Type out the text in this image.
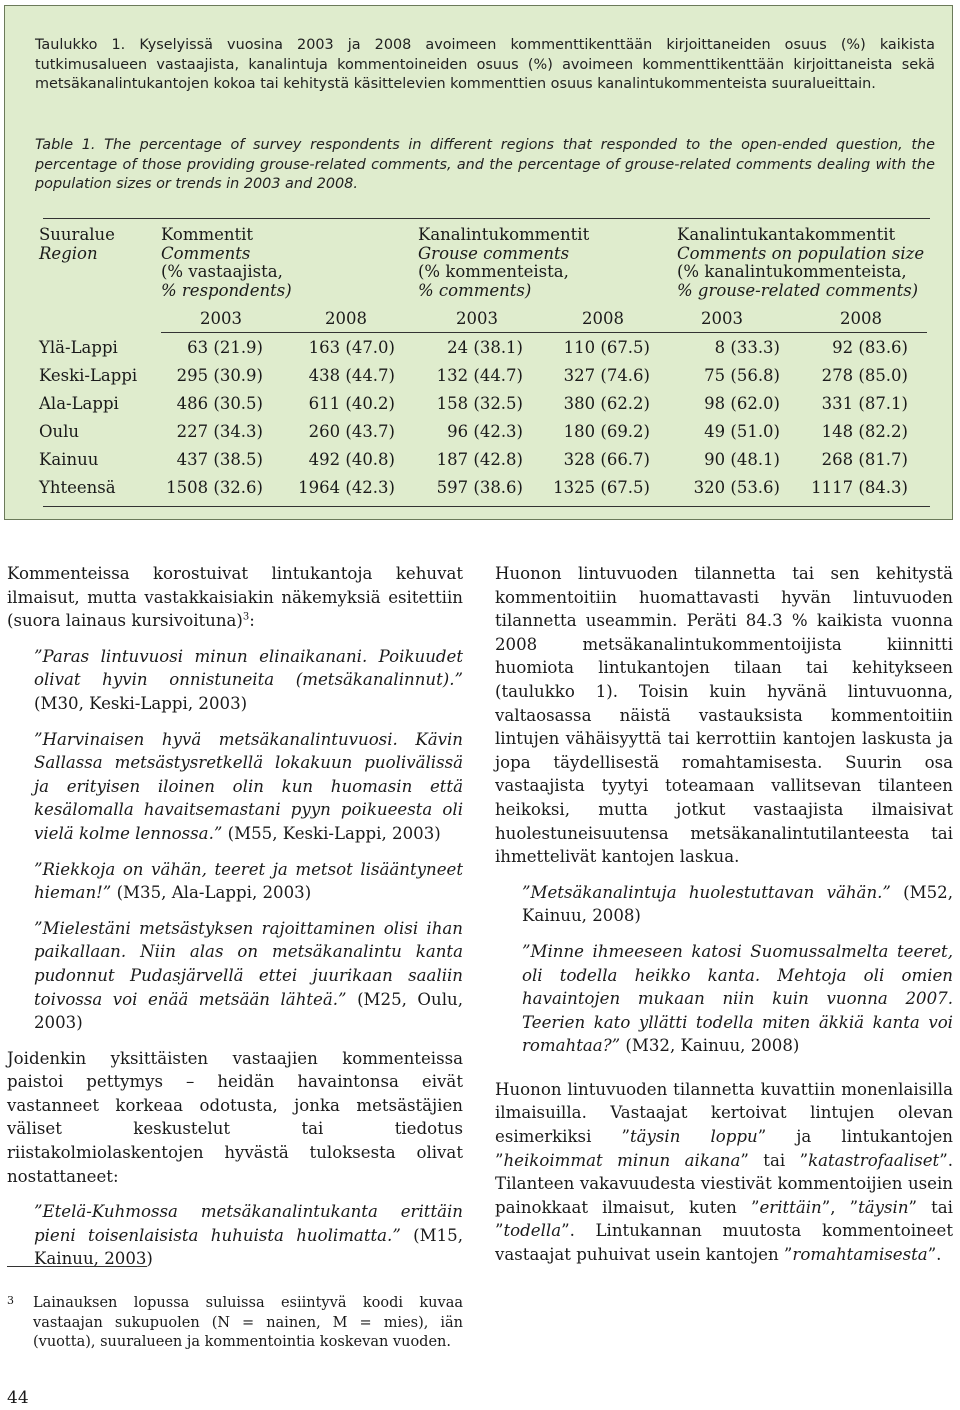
Taulukko 1. Kyselyissä vuosina 2003 ja 2008 avoimeen kommenttikenttään kirjoittaneiden osuus (%) kaikista tutkimusalueen vastaajista, kanalintuja kommentoineiden osuus (%) avoimeen kommenttikenttään kirjoittaneista sekä metsäkanalintukantojen kokoa tai kehitystä käsittelevien kommenttien osuus kanalintukommenteista suuralueittain.

Table 1. The percentage of survey respondents in different regions that responded to the open-ended question, the percentage of those providing grouse-related comments, and the percentage of grouse-related comments dealing with the population sizes or trends in 2003 and 2008.

Suuralue
Region
Kommentit
Comments
(% vastaajista,
% respondents)
Kanalintukommentit
Grouse comments
(% kommenteista,
% comments)
Kanalintukantakommentit
Comments on population size
(% kanalintukommenteista,
% grouse-related comments)
2003	2008	2003	2008	2003	2008
Ylä-Lappi	63 (21.9)	163 (47.0)	24 (38.1)	110 (67.5)	8 (33.3)	92 (83.6)
Keski-Lappi	295 (30.9)	438 (44.7)	132 (44.7)	327 (74.6)	75 (56.8)	278 (85.0)
Ala-Lappi	486 (30.5)	611 (40.2)	158 (32.5)	380 (62.2)	98 (62.0)	331 (87.1)
Oulu	227 (34.3)	260 (43.7)	96 (42.3)	180 (69.2)	49 (51.0)	148 (82.2)
Kainuu	437 (38.5)	492 (40.8)	187 (42.8)	328 (66.7)	90 (48.1)	268 (81.7)
Yhteensä	1508 (32.6)	1964 (42.3)	597 (38.6)	1325 (67.5)	320 (53.6)	1117 (84.3)

Kommenteissa korostuivat lintukantoja kehuvat ilmaisut, mutta vastakkaisiakin näkemyksiä esitettiin (suora lainaus kursivoituna)$^3$:

”Paras lintuvuosi minun elinaikanani. Poikuudet olivat hyvin onnistuneita (metsäkanalinnut).” (M30, Keski-Lappi, 2003)

”Harvinaisen hyvä metsäkanalintuvuosi. Kävin Sallassa metsästysretkellä lokakuun puolivälissä ja erityisen iloinen olin kun huomasin että kesälomalla havaitsemastani pyyn poikueesta oli vielä kolme lennossa.” (M55, Keski-Lappi, 2003)

”Riekkoja on vähän, teeret ja metsot lisääntyneet hieman!” (M35, Ala-Lappi, 2003)

”Mielestäni metsästyksen rajoittaminen olisi ihan paikallaan. Niin alas on metsäkanalintu kanta pudonnut Pudasjärvellä ettei juurikaan saaliin toivossa voi enää metsään lähteä.” (M25, Oulu, 2003)

Joidenkin yksittäisten vastaajien kommenteissa paistoi pettymys – heidän havaintonsa eivät vastanneet korkeaa odotusta, jonka metsästäjien väliset keskustelut tai tiedotus riistakolmiolaskentojen hyvästä tuloksesta olivat nostattaneet:

”Etelä-Kuhmossa metsäkanalintukanta erittäin pieni toisenlaisista huhuista huolimatta.” (M15, Kainuu, 2003)

3 Lainauksen lopussa suluissa esiintyvä koodi kuvaa vastaajan sukupuolen (N = nainen, M = mies), iän (vuotta), suuralueen ja kommentointia koskevan vuoden.

Huonon lintuvuoden tilannetta tai sen kehitystä kommentoitiin huomattavasti hyvän lintuvuoden tilannetta useammin. Peräti 84.3 % kaikista vuonna 2008 metsäkanalintukommentoijista kiinnitti huomiota lintukantojen tilaan tai kehitykseen (taulukko 1). Toisin kuin hyvänä lintuvuonna, valtaosassa näistä vastauksista kommentoitiin lintujen vähäisyyttä tai kerrottiin kantojen laskusta ja jopa täydellisestä romahtamisesta. Suurin osa vastaajista tyytyi toteamaan vallitsevan tilanteen heikoksi, mutta jotkut vastaajista ilmaisivat huolestuneisuutensa metsäkanalintutilanteesta tai ihmettelivät kantojen laskua.

”Metsäkanalintuja huolestuttavan vähän.” (M52, Kainuu, 2008)

”Minne ihmeeseen katosi Suomussalmelta teeret, oli todella heikko kanta. Mehtoja oli omien havaintojen mukaan niin kuin vuonna 2007. Teerien kato yllätti todella miten äkkiä kanta voi romahtaa?” (M32, Kainuu, 2008)

Huonon lintuvuoden tilannetta kuvattiin monenlaisilla ilmaisuilla. Vastaajat kertoivat lintujen olevan esimerkiksi ”täysin loppu” ja lintukantojen ”heikoimmat minun aikana” tai ”katastrofaaliset”. Tilanteen vakavuudesta viestivät kommentoijien usein painokkaat ilmaisut, kuten ”erittäin”, ”täysin” tai ”todella”. Lintukannan muutosta kommentoineet vastaajat puhuivat usein kantojen ”romahtamisesta”.

44
